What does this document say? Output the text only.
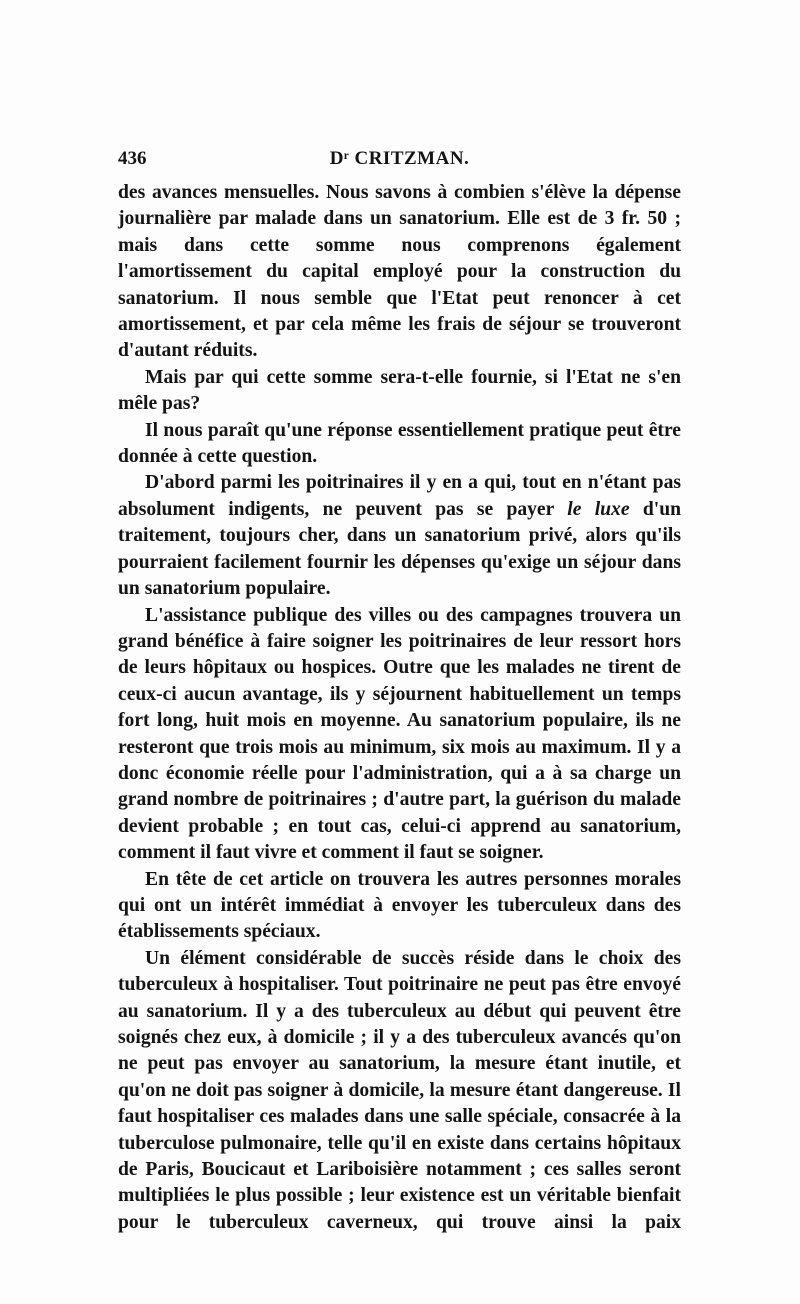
436	Dʳ CRITZMAN.

des avances mensuelles. Nous savons à combien s'élève la dépense journalière par malade dans un sanatorium. Elle est de 3 fr. 50 ; mais dans cette somme nous comprenons également l'amortissement du capital employé pour la construction du sanatorium. Il nous semble que l'Etat peut renoncer à cet amortissement, et par cela même les frais de séjour se trouveront d'autant réduits.

Mais par qui cette somme sera-t-elle fournie, si l'Etat ne s'en mêle pas?

Il nous paraît qu'une réponse essentiellement pratique peut être donnée à cette question.

D'abord parmi les poitrinaires il y en a qui, tout en n'étant pas absolument indigents, ne peuvent pas se payer le luxe d'un traitement, toujours cher, dans un sanatorium privé, alors qu'ils pourraient facilement fournir les dépenses qu'exige un séjour dans un sanatorium populaire.

L'assistance publique des villes ou des campagnes trouvera un grand bénéfice à faire soigner les poitrinaires de leur ressort hors de leurs hôpitaux ou hospices. Outre que les malades ne tirent de ceux-ci aucun avantage, ils y séjournent habituellement un temps fort long, huit mois en moyenne. Au sanatorium populaire, ils ne resteront que trois mois au minimum, six mois au maximum. Il y a donc économie réelle pour l'administration, qui a à sa charge un grand nombre de poitrinaires ; d'autre part, la guérison du malade devient probable ; en tout cas, celui-ci apprend au sanatorium, comment il faut vivre et comment il faut se soigner.

En tête de cet article on trouvera les autres personnes morales qui ont un intérêt immédiat à envoyer les tuberculeux dans des établissements spéciaux.

Un élément considérable de succès réside dans le choix des tuberculeux à hospitaliser. Tout poitrinaire ne peut pas être envoyé au sanatorium. Il y a des tuberculeux au début qui peuvent être soignés chez eux, à domicile ; il y a des tuberculeux avancés qu'on ne peut pas envoyer au sanatorium, la mesure étant inutile, et qu'on ne doit pas soigner à domicile, la mesure étant dangereuse. Il faut hospitaliser ces malades dans une salle spéciale, consacrée à la tuberculose pulmonaire, telle qu'il en existe dans certains hôpitaux de Paris, Boucicaut et Lariboisière notamment ; ces salles seront multipliées le plus possible ; leur existence est un véritable bienfait pour le tuberculeux caverneux, qui trouve ainsi la paix
